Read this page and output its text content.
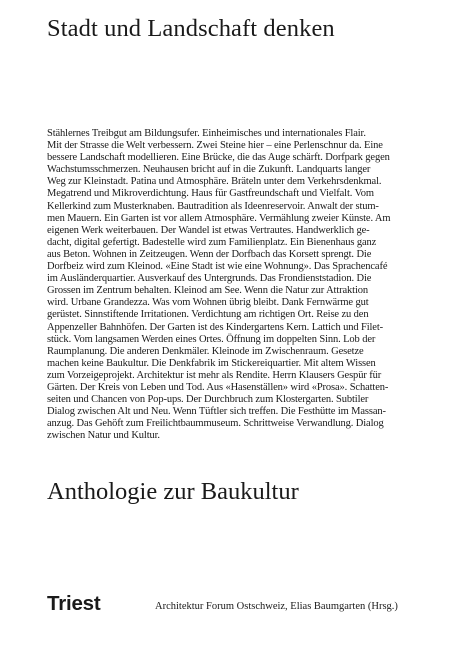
Stadt und Landschaft denken
Stählernes Treibgut am Bildungsufer. Einheimisches und internationales Flair.
Mit der Strasse die Welt verbessern. Zwei Steine hier – eine Perlenschnur da. Eine
bessere Landschaft modellieren. Eine Brücke, die das Auge schärft. Dorfpark gegen
Wachstumsschmerzen. Neuhausen bricht auf in die Zukunft. Landquarts langer
Weg zur Kleinstadt. Patina und Atmosphäre. Bräteln unter dem Verkehrsdenkmal.
Megatrend und Mikroverdichtung. Haus für Gastfreundschaft und Vielfalt. Vom
Kellerkind zum Musterknaben. Bautradition als Ideenreservoir. Anwalt der stum-
men Mauern. Ein Garten ist vor allem Atmosphäre. Vermählung zweier Künste. Am
eigenen Werk weiterbauen. Der Wandel ist etwas Vertrautes. Handwerklich ge-
dacht, digital gefertigt. Badestelle wird zum Familienplatz. Ein Bienenhaus ganz
aus Beton. Wohnen in Zeitzeugen. Wenn der Dorfbach das Korsett sprengt. Die
Dorfbeiz wird zum Kleinod. «Eine Stadt ist wie eine Wohnung». Das Sprachencafé
im Ausländerquartier. Ausverkauf des Untergrunds. Das Frondienststadion. Die
Grossen im Zentrum behalten. Kleinod am See. Wenn die Natur zur Attraktion
wird. Urbane Grandezza. Was vom Wohnen übrig bleibt. Dank Fernwärme gut
gerüstet. Sinnstiftende Irritationen. Verdichtung am richtigen Ort. Reise zu den
Appenzeller Bahnhöfen. Der Garten ist des Kindergartens Kern. Lattich und Filet-
stück. Vom langsamen Werden eines Ortes. Öffnung im doppelten Sinn. Lob der
Raumplanung. Die anderen Denkmäler. Kleinode im Zwischenraum. Gesetze
machen keine Baukultur. Die Denkfabrik im Stickereiquartier. Mit altem Wissen
zum Vorzeigeprojekt. Architektur ist mehr als Rendite. Herrn Klausers Gespür für
Gärten. Der Kreis von Leben und Tod. Aus «Hasenställen» wird «Prosa». Schatten-
seiten und Chancen von Pop-ups. Der Durchbruch zum Klostergarten. Subtiler
Dialog zwischen Alt und Neu. Wenn Tüftler sich treffen. Die Festhütte im Massan-
anzug. Das Gehöft zum Freilichtbaummuseum. Schrittweise Verwandlung. Dialog
zwischen Natur und Kultur.
Anthologie zur Baukultur
Triest	Architektur Forum Ostschweiz, Elias Baumgarten (Hrsg.)
